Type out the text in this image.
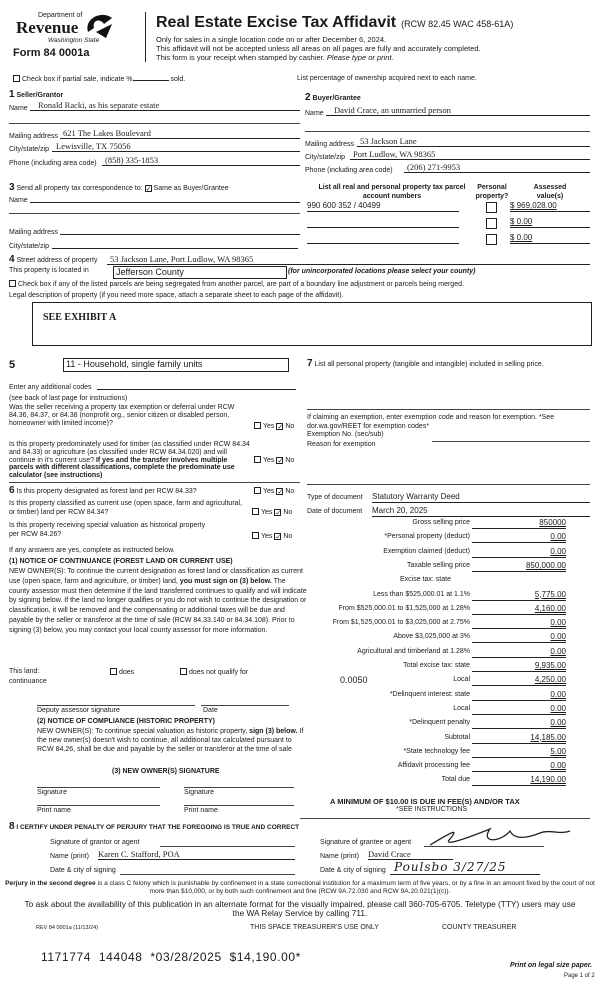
Department of
Revenue
Washington State
Form 84 0001a
Real Estate Excise Tax Affidavit (RCW 82.45 WAC 458-61A)
Only for sales in a single location code on or after December 6, 2024.
This affidavit will not be accepted unless all areas on all pages are fully and accurately completed.
This form is your receipt when stamped by cashier. Please type or print.
Check box if partial sale, indicate %	sold.	List percentage of ownership acquired next to each name.
1 Seller/Grantor
Name	Ronald Racki, as his separate estate
Mailing address 621 The Lakes Boulevard
City/state/zip Lewisville, TX 75056
Phone (including area code) (858) 335-1853
2 Buyer/Grantee
Name	David Crace, an unmarried person
Mailing address 53 Jackson Lane
City/state/zip Port Ludlow, WA 98365
Phone (including area code)	(206) 271-9953
3 Send all property tax correspondence to: ✓ Same as Buyer/Grantee
Name
Mailing address
City/state/zip
List all real and personal property tax parcel account numbers
Personal property?
Assessed value(s)
990 600 352 / 40499	$ 969,028.00
$ 0.00
$ 0.00
4 Street address of property	53 Jackson Lane, Port Ludlow, WA 98365
This property is located in	Jefferson County	(for unincorporated locations please select your county)
Check box if any of the listed parcels are being segregated from another parcel, are part of a boundary line adjustment or parcels being merged.
Legal description of property (if you need more space, attach a separate sheet to each page of the affidavit).
SEE EXHIBIT A
5	11 - Household, single family units
Enter any additional codes
(see back of last page for instructions)

Was the seller receiving a property tax exemption or deferral under RCW 84.36, 84.37, or 84.38 (nonprofit org., senior citizen or disabled person, homeowner with limited income)?	Yes ✓ No

Is this property predominately used for timber (as classified under RCW 84.34 and 84.33) or agriculture (as classified under RCW 84.34.020) and will continue in it's current use? If yes and the transfer involves multiple parcels with different classifications, complete the predominate use calculator (see instructions)

Yes ✓ No
6 Is this property designated as forest land per RCW 84.33?	Yes ✓ No

Is this property classified as current use (open space, farm and agricultural, or timber) land per RCW 84.34?	Yes ✓ No

Is this property receiving special valuation as historical property per RCW 84.26?	Yes ✓ No
If any answers are yes, complete as instructed below.
(1) NOTICE OF CONTINUANCE (FOREST LAND OR CURRENT USE)

NEW OWNER(S): To continue the current designation as forest land or classification as current use (open space, farm and agriculture, or timber) land, you must sign on (3) below. The county assessor must then determine if the land transferred continues to qualify and will indicate by signing below. If the land no longer qualifies or you do not wish to continue the designation or classification, it will be removed and the compensating or additional taxes will be due and payable by the seller or transferor at the time of sale (RCW 84.33.140 or 84.34.108). Prior to signing (3) below, you may contact your local county assessor for more information.

This land:
continuance
does	does not qualify for
Deputy assessor signature	Date
(2) NOTICE OF COMPLIANCE (HISTORIC PROPERTY)

NEW OWNER(S): To continue special valuation as historic property, sign (3) below. If the new owner(s) doesn't wish to continue, all additional tax calculated pursuant to RCW 84.26, shall be due and payable by the seller or transferor at the time of sale

(3) NEW OWNER(S) SIGNATURE
Signature	Signature
Print name	Print name
7 List all personal property (tangible and intangible) included in selling price.

If claiming an exemption, enter exemption code and reason for exemption. *See dor.wa.gov/REET for exemption codes*

Exemption No. (sec/sub)
Reason for exemption
Type of document Statutory Warranty Deed
Date of document March 20, 2025
Gross selling price	850000
*Personal property (deduct)	0.00
Exemption claimed (deduct)	0.00
Taxable selling price	850,000.00
Excise tax: state
Less than $525,000.01 at 1.1%	5,775.00
From $525,000.01 to $1,525,000 at 1.28%	4,160.00
From $1,525,000.01 to $3,025,000 at 2.75%	0.00
Above $3,025,000 at 3%	0.00
Agricultural and timberland at 1.28%	0.00
Total excise tax: state	9,935.00
Local	4,250.00
0.0050
*Delinquent interest: state	0.00
Local	0.00
*Delinquent penalty	0.00
Subtotal	14,185.00
*State technology fee	5.00
Affidavit processing fee	0.00
Total due	14,190.00
A MINIMUM OF $10.00 IS DUE IN FEE(S) AND/OR TAX
*SEE INSTRUCTIONS
8 I CERTIFY UNDER PENALTY OF PERJURY THAT THE FOREGOING IS TRUE AND CORRECT
Signature of grantor or agent
Name (print) Karen C. Stafford, POA
Date & city of signing
Signature of grantee or agent
Name (print) David Crace
Date & city of signing Poulsbo 3/27/25

Perjury in the second degree is a class C felony which is punishable by confinement in a state correctional institution for a maximum term of five years, or by a fine in an amount fixed by the court of not more than $10,000, or by both such confinement and fine (RCW 9A.72.030 and RCW 9A.20.021(1)(c)).

To ask about the availability of this publication in an alternate format for the visually impaired, please call 360-705-6705. Teletype (TTY) users may use the WA Relay Service by calling 711.

REV 84 0001a (11/13/24)	THIS SPACE TREASURER'S USE ONLY	COUNTY TREASURER
1171774  144048  *03/28/2025  $14,190.00*
Print on legal size paper.
Page 1 of 2
